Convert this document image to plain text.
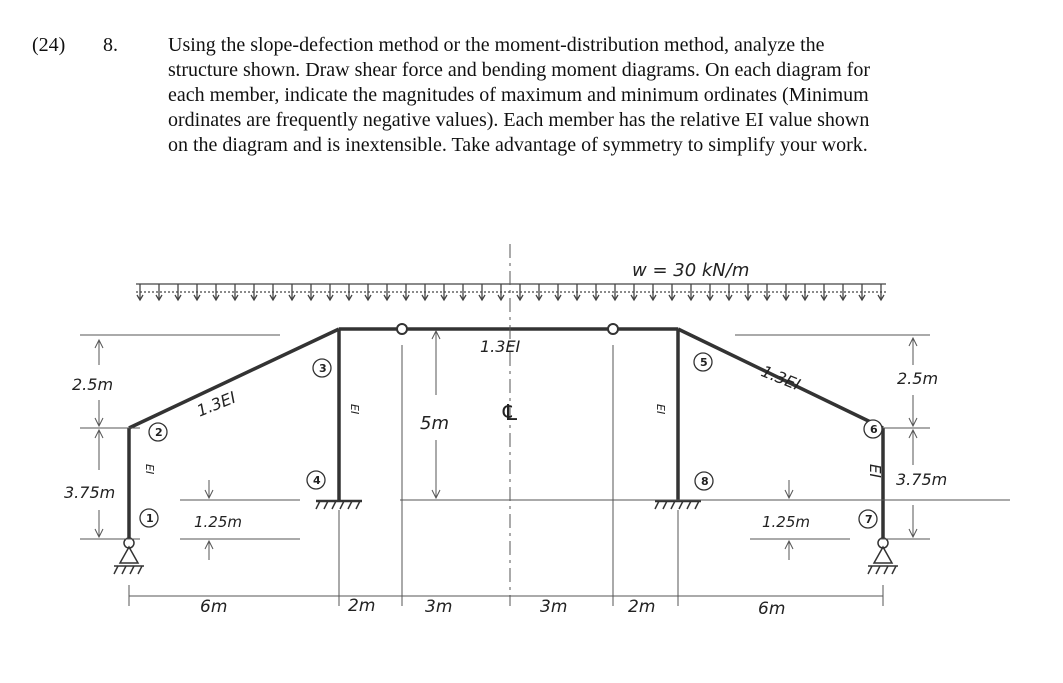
(24) 8.	Using the slope-defection method or the moment-distribution method, analyze the
structure shown. Draw shear force and bending moment diagrams. On each diagram for
each member, indicate the magnitudes of maximum and minimum ordinates (Minimum
ordinates are frequently negative values). Each member has the relative EI value shown
on the diagram and is inextensible. Take advantage of symmetry to simplify your work.

w = 30 kN/m
1.3EI
1.3EI
1.3EI
EI
EI	EI
EI
℄
2.5m
3.75m
2.5m
3.75m
5m
1.25m	1.25m
6m	2m	3m	3m	2m	6m
1
2
3
4
5
6
7
8
